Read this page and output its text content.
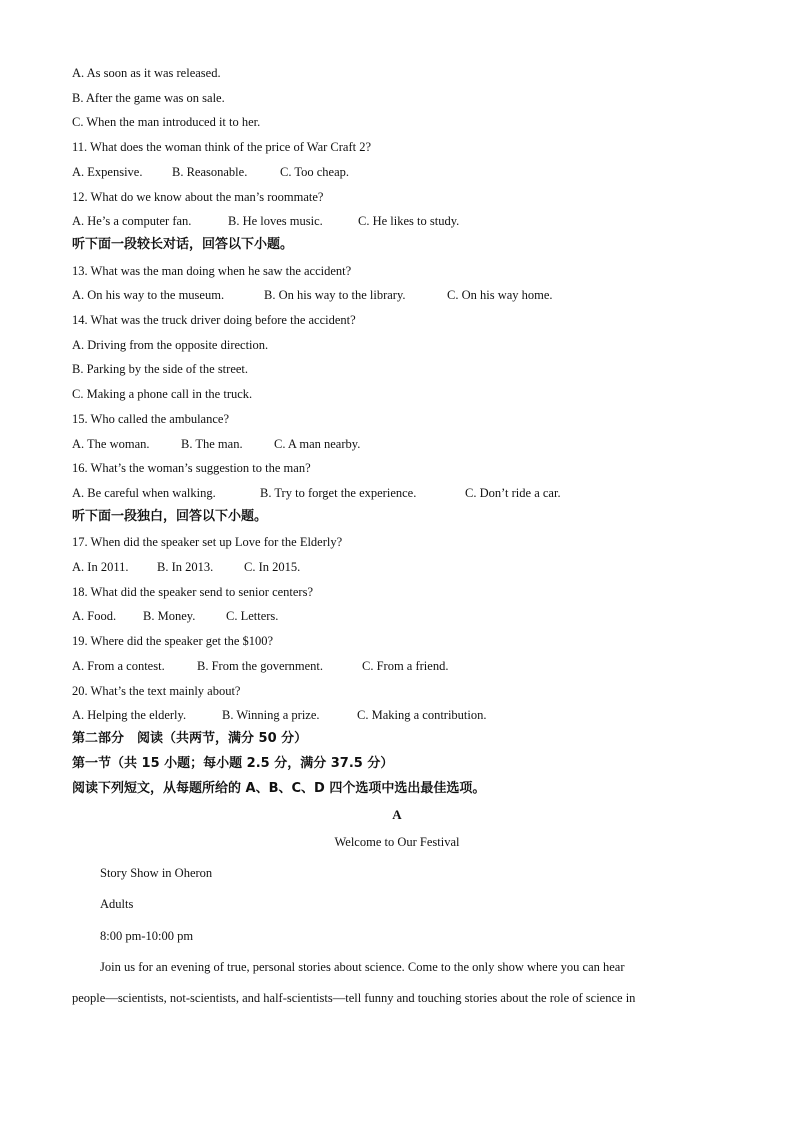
A. As soon as it was released.
B. After the game was on sale.
C. When the man introduced it to her.
11. What does the woman think of the price of War Craft 2?
A. Expensive. B. Reasonable.	C. Too cheap.
12. What do we know about the man’s roommate?
A. He’s a computer fan.	B. He loves music.	C. He likes to study.
听下面一段较长对话，回答以下小题。
13. What was the man doing when he saw the accident?
A. On his way to the museum.	B. On his way to the library.	C. On his way home.
14. What was the truck driver doing before the accident?
A. Driving from the opposite direction.
B. Parking by the side of the street.
C. Making a phone call in the truck.
15. Who called the ambulance?
A. The woman.	B. The man.	C. A man nearby.
16. What’s the woman’s suggestion to the man?
A. Be careful when walking.	B. Try to forget the experience.	C. Don’t ride a car.
听下面一段独白，回答以下小题。
17. When did the speaker set up Love for the Elderly?
A. In 2011. B. In 2013. C. In 2015.
18. What did the speaker send to senior centers?
A. Food. B. Money. C. Letters.
19. Where did the speaker get the $100?
A. From a contest.	B. From the government.	C. From a friend.
20. What’s the text mainly about?
A. Helping the elderly.	B. Winning a prize.	C. Making a contribution.
第二部分　阅读（共两节，满分 50 分）
第一节（共 15 小题；每小题 2.5 分，满分 37.5 分）
阅读下列短文，从每题所给的 A、B、C、D 四个选项中选出最佳选项。
A
Welcome to Our Festival
Story Show in Oheron
Adults
8:00 pm-10:00 pm
Join us for an evening of true, personal stories about science. Come to the only show where you can hear
people—scientists, not-scientists, and half-scientists—tell funny and touching stories about the role of science in
